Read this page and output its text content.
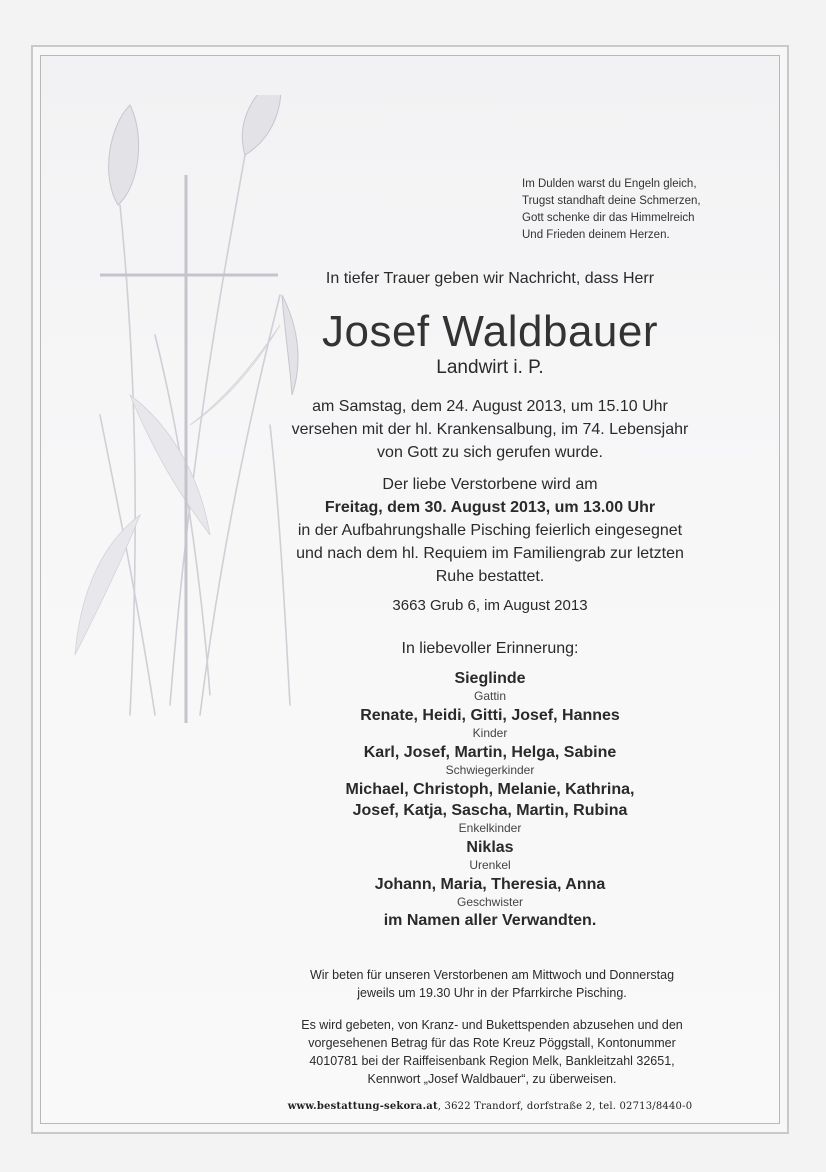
Im Dulden warst du Engeln gleich,
Trugst standhaft deine Schmerzen,
Gott schenke dir das Himmelreich
Und Frieden deinem Herzen.
In tiefer Trauer geben wir Nachricht, dass Herr
Josef Waldbauer
Landwirt i. P.
am Samstag, dem 24. August 2013, um 15.10 Uhr
versehen mit der hl. Krankensalbung, im 74. Lebensjahr
von Gott zu sich gerufen wurde.
Der liebe Verstorbene wird am
Freitag, dem 30. August 2013, um 13.00 Uhr
in der Aufbahrungshalle Pisching feierlich eingesegnet
und nach dem hl. Requiem im Familiengrab zur letzten
Ruhe bestattet.
3663 Grub 6, im August 2013
In liebevoller Erinnerung:
Sieglinde
Gattin
Renate, Heidi, Gitti, Josef, Hannes
Kinder
Karl, Josef, Martin, Helga, Sabine
Schwiegerkinder
Michael, Christoph, Melanie, Kathrina,
Josef, Katja, Sascha, Martin, Rubina
Enkelkinder
Niklas
Urenkel
Johann, Maria, Theresia, Anna
Geschwister
im Namen aller Verwandten.
Wir beten für unseren Verstorbenen am Mittwoch und Donnerstag
jeweils um 19.30 Uhr in der Pfarrkirche Pisching.
Es wird gebeten, von Kranz- und Bukettspenden abzusehen und den
vorgesehenen Betrag für das Rote Kreuz Pöggstall, Kontonummer
4010781 bei der Raiffeisenbank Region Melk, Bankleitzahl 32651,
Kennwort „Josef Waldbauer“, zu überweisen.
www.bestattung-sekora.at, 3622 Trandorf, dorfstraße 2, tel. 02713/8440-0
